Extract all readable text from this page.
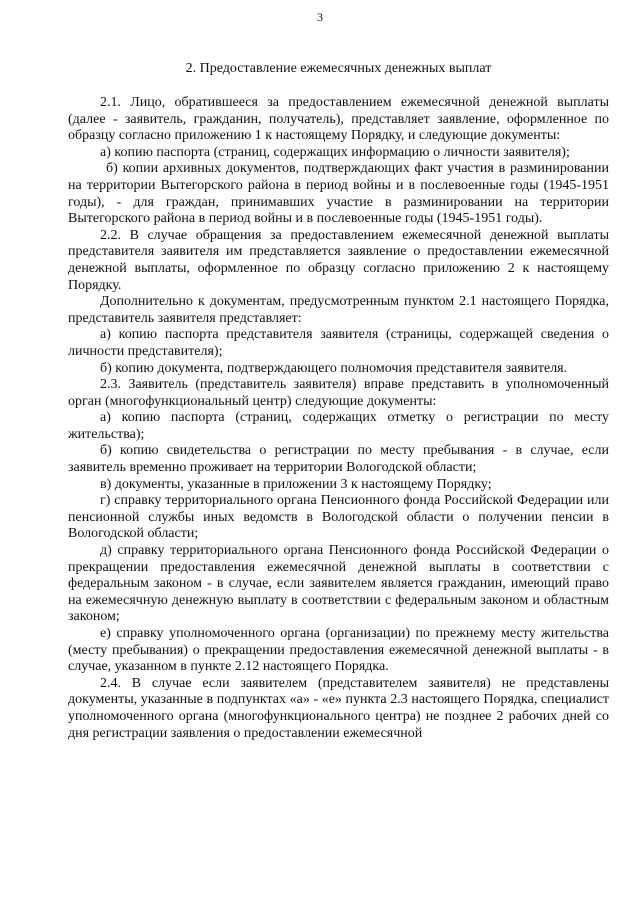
3
2. Предоставление ежемесячных денежных выплат

2.1. Лицо, обратившееся за предоставлением ежемесячной денежной выплаты (далее - заявитель, гражданин, получатель), представляет заявление, оформленное по образцу согласно приложению 1 к настоящему Порядку, и следующие документы:

а) копию паспорта (страниц, содержащих информацию о личности заявителя);

б) копии архивных документов, подтверждающих факт участия в разминировании на территории Вытегорского района в период войны и в послевоенные годы (1945-1951 годы), - для граждан, принимавших участие в разминировании на территории Вытегорского района в период войны и в послевоенные годы (1945-1951 годы).

2.2. В случае обращения за предоставлением ежемесячной денежной выплаты представителя заявителя им представляется заявление о предоставлении ежемесячной денежной выплаты, оформленное по образцу согласно приложению 2 к настоящему Порядку.

Дополнительно к документам, предусмотренным пунктом 2.1 настоящего Порядка, представитель заявителя представляет:

а) копию паспорта представителя заявителя (страницы, содержащей сведения о личности представителя);

б) копию документа, подтверждающего полномочия представителя заявителя.

2.3. Заявитель (представитель заявителя) вправе представить в уполномоченный орган (многофункциональный центр) следующие документы:

а) копию паспорта (страниц, содержащих отметку о регистрации по месту жительства);

б) копию свидетельства о регистрации по месту пребывания - в случае, если заявитель временно проживает на территории Вологодской области;

в) документы, указанные в приложении 3 к настоящему Порядку;

г) справку территориального органа Пенсионного фонда Российской Федерации или пенсионной службы иных ведомств в Вологодской области о получении пенсии в Вологодской области;

д) справку территориального органа Пенсионного фонда Российской Федерации о прекращении предоставления ежемесячной денежной выплаты в соответствии с федеральным законом - в случае, если заявителем является гражданин, имеющий право на ежемесячную денежную выплату в соответствии с федеральным законом и областным законом;

е) справку уполномоченного органа (организации) по прежнему месту жительства (месту пребывания) о прекращении предоставления ежемесячной денежной выплаты - в случае, указанном в пункте 2.12 настоящего Порядка.

2.4. В случае если заявителем (представителем заявителя) не представлены документы, указанные в подпунктах «а» - «е» пункта 2.3 настоящего Порядка, специалист уполномоченного органа (многофункционального центра) не позднее 2 рабочих дней со дня регистрации заявления о предоставлении ежемесячной
